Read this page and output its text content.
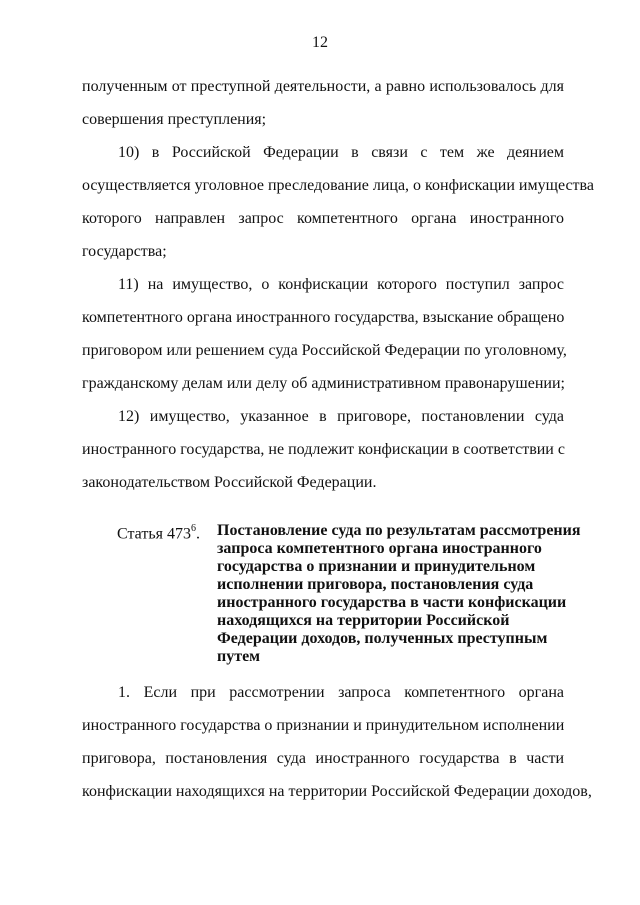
12
полученным от преступной деятельности, а равно использовалось для
совершения преступления;
10) в Российской Федерации в связи с тем же деянием
осуществляется уголовное преследование лица, о конфискации имущества
которого направлен запрос компетентного органа иностранного
государства;
11) на имущество, о конфискации которого поступил запрос
компетентного органа иностранного государства, взыскание обращено
приговором или решением суда Российской Федерации по уголовному,
гражданскому делам или делу об административном правонарушении;
12) имущество, указанное в приговоре, постановлении суда
иностранного государства, не подлежит конфискации в соответствии с
законодательством Российской Федерации.
Статья $473^6$. Постановление суда по результатам рассмотрения
запроса компетентного органа иностранного
государства о признании и принудительном
исполнении приговора, постановления суда
иностранного государства в части конфискации
находящихся на территории Российской
Федерации доходов, полученных преступным
путем
1. Если при рассмотрении запроса компетентного органа
иностранного государства о признании и принудительном исполнении
приговора, постановления суда иностранного государства в части
конфискации находящихся на территории Российской Федерации доходов,
